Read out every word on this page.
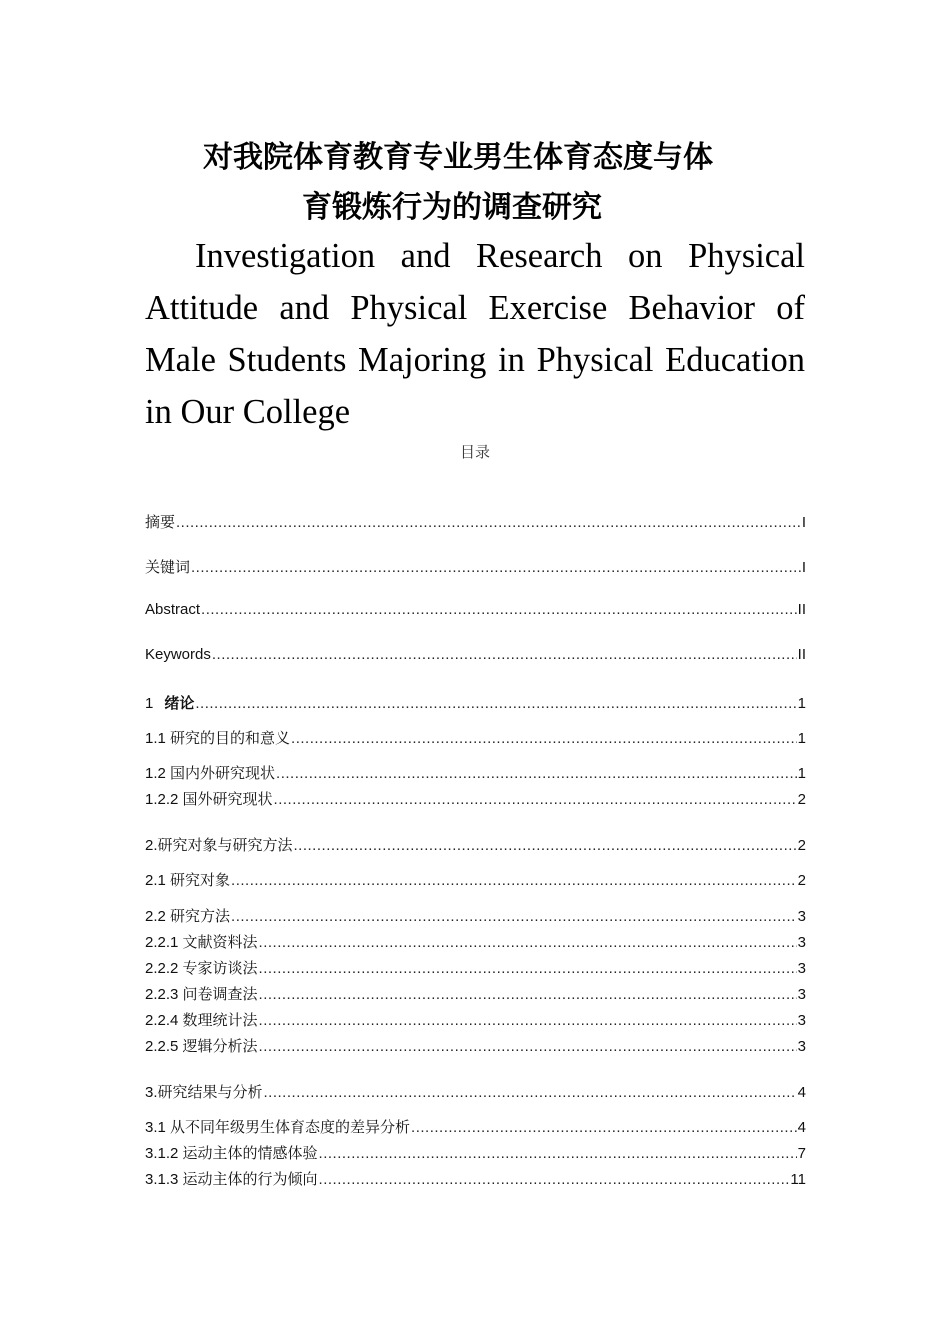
对我院体育教育专业男生体育态度与体
育锻炼行为的调查研究
Investigation and Research on Physical Attitude and Physical Exercise Behavior of Male Students Majoring in Physical Education in Our College
目录
摘要 .....	I
关键词 .....	I
Abstract .....	II
Keywords .....	II
1 绪论 .....	1
1.1 研究的目的和意义 .....	1
1.2 国内外研究现状 .....	1
1.2.2 国外研究现状 .....	2
2.研究对象与研究方法 .....	2
2.1 研究对象 .....	2
2.2 研究方法 .....	3
2.2.1 文献资料法 .....	3
2.2.2 专家访谈法 .....	3
2.2.3 问卷调查法 .....	3
2.2.4 数理统计法 .....	3
2.2.5 逻辑分析法 .....	3
3.研究结果与分析 .....	4
3.1 从不同年级男生体育态度的差异分析 .....	4
3.1.2 运动主体的情感体验 .....	7
3.1.3 运动主体的行为倾向 .....	11
